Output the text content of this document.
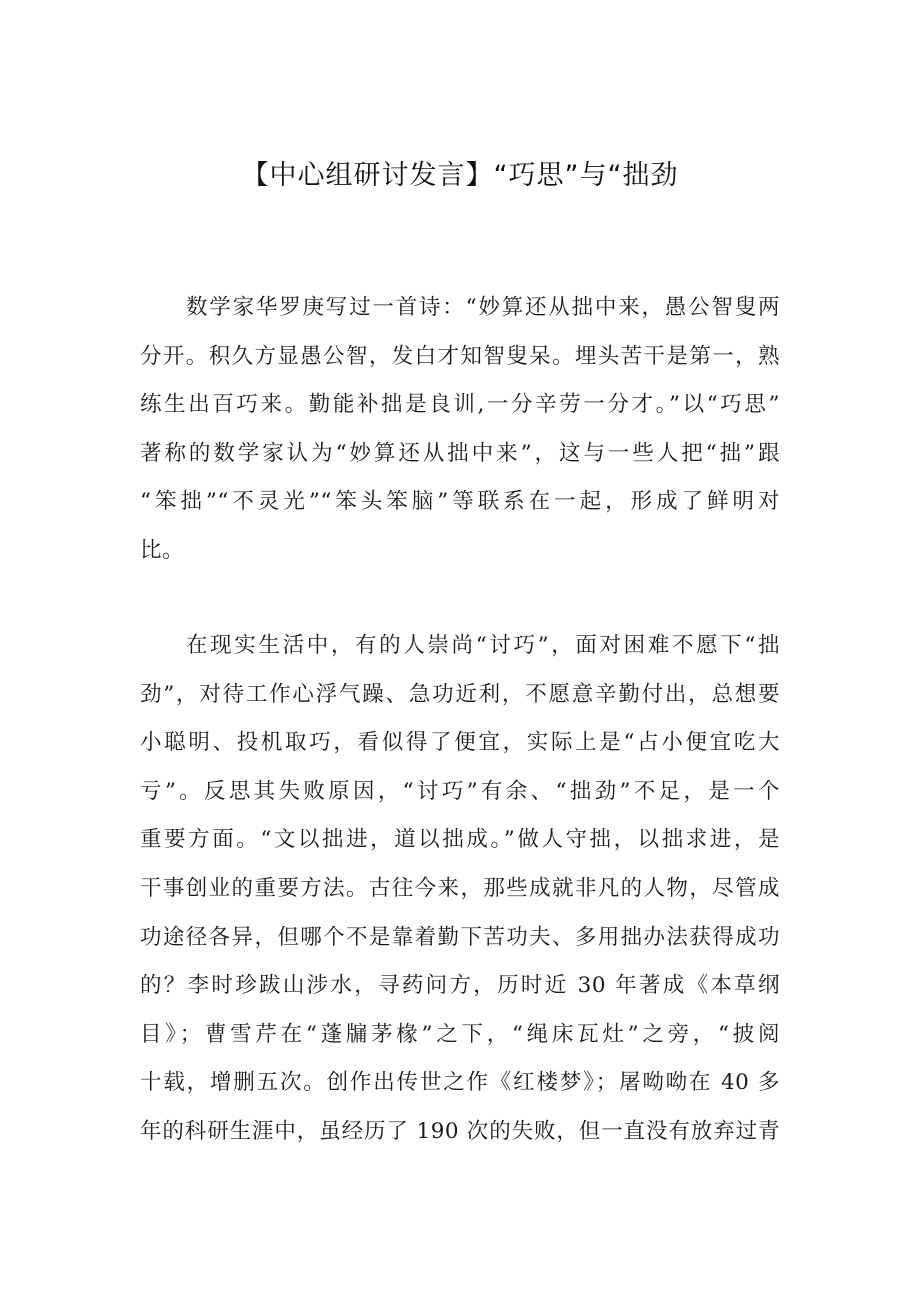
【中心组研讨发言】“巧思”与“拙劲

数学家华罗庚写过一首诗：“妙算还从拙中来，愚公智叟两
分开。积久方显愚公智，发白才知智叟呆。埋头苦干是第一，熟
练生出百巧来。勤能补拙是良训,一分辛劳一分才。”以“巧思”
著称的数学家认为“妙算还从拙中来”，这与一些人把“拙”跟
“笨拙”“不灵光”“笨头笨脑”等联系在一起，形成了鲜明对
比。

在现实生活中，有的人崇尚“讨巧”，面对困难不愿下“拙
劲”，对待工作心浮气躁、急功近利，不愿意辛勤付出，总想要
小聪明、投机取巧，看似得了便宜，实际上是“占小便宜吃大
亏”。反思其失败原因，“讨巧”有余、“拙劲”不足，是一个
重要方面。“文以拙进，道以拙成。”做人守拙，以拙求进，是
干事创业的重要方法。古往今来，那些成就非凡的人物，尽管成
功途径各异，但哪个不是靠着勤下苦功夫、多用拙办法获得成功
的？李时珍跋山涉水，寻药问方，历时近 30 年著成《本草纲
目》；曹雪芹在“蓬牖茅椽”之下，“绳床瓦灶”之旁，“披阅
十载，增删五次。创作出传世之作《红楼梦》；屠呦呦在 40 多
年的科研生涯中，虽经历了 190 次的失败，但一直没有放弃过青
